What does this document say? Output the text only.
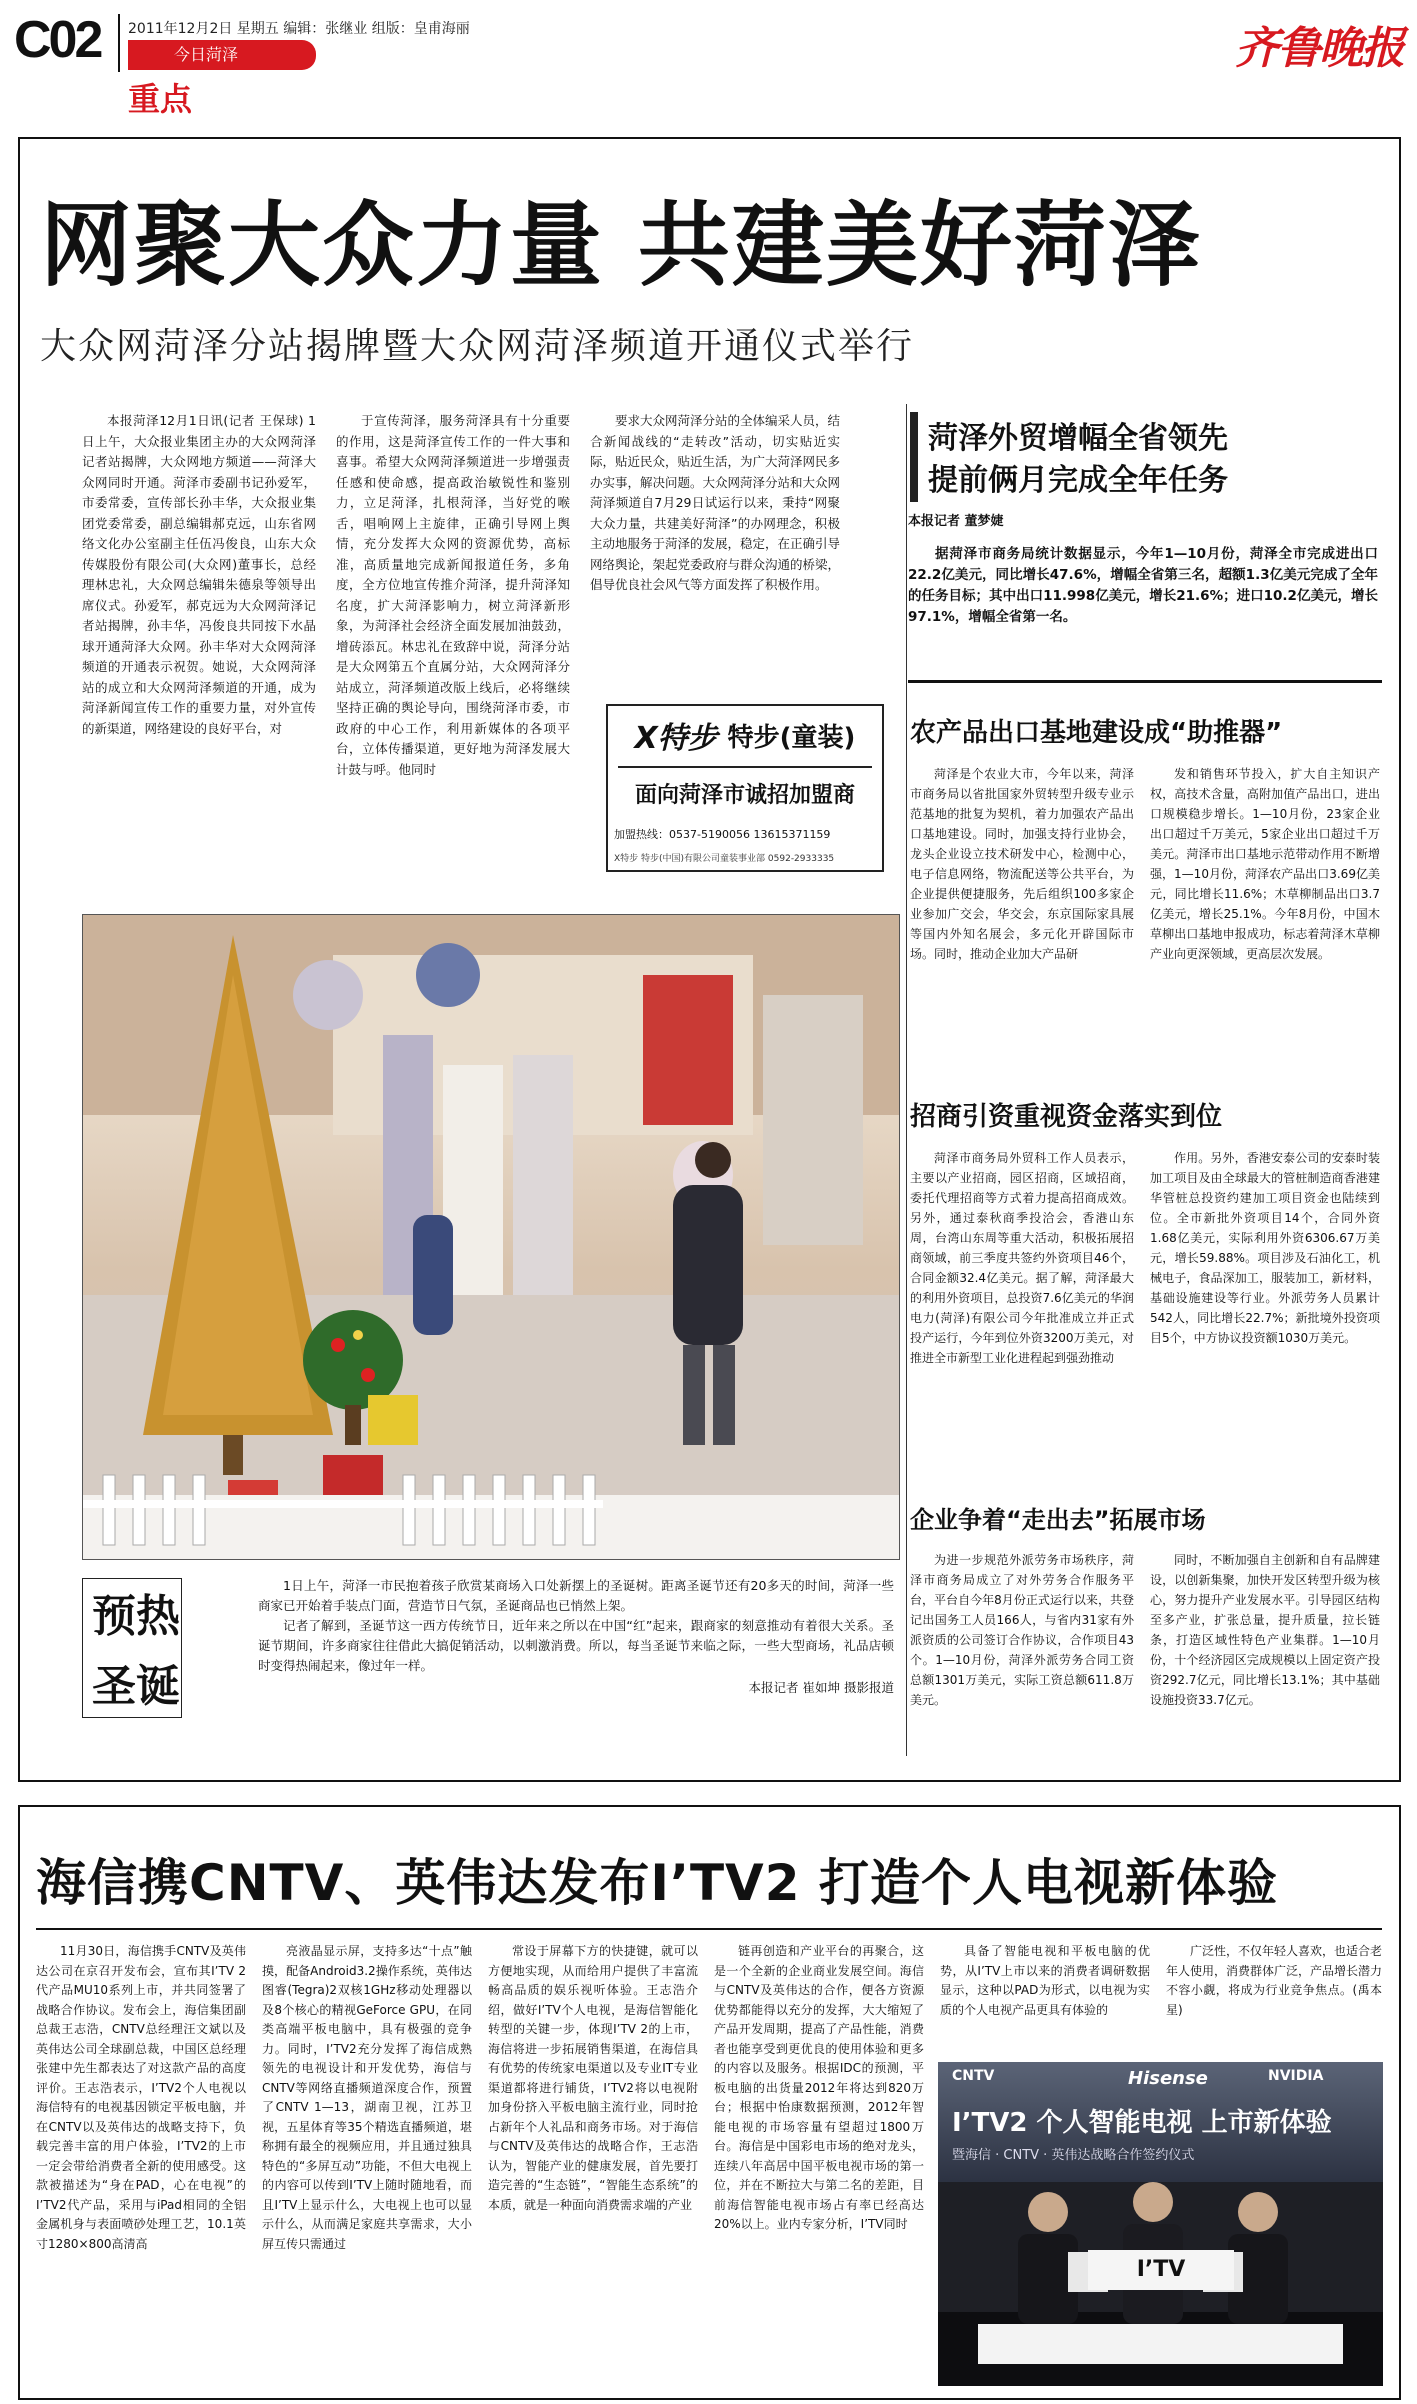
C02 2011年12月2日 星期五 编辑：张继业 组版：皇甫海丽
今日菏泽
重点
齐鲁晚报
网聚大众力量 共建美好菏泽
大众网菏泽分站揭牌暨大众网菏泽频道开通仪式举行

本报菏泽12月1日讯(记者 王保球) 1日上午，大众报业集团主办的大众网菏泽记者站揭牌，大众网地方频道——菏泽大众网同时开通。菏泽市委副书记孙爱军，市委常委，宣传部长孙丰华，大众报业集团党委常委，副总编辑郝克远，山东省网络文化办公室副主任伍冯俊良，山东大众传媒股份有限公司(大众网)董事长，总经理林忠礼，大众网总编辑朱德泉等领导出席仪式。孙爱军，郝克远为大众网菏泽记者站揭牌，孙丰华，冯俊良共同按下水晶球开通菏泽大众网。孙丰华对大众网菏泽频道的开通表示祝贺。她说，大众网菏泽站的成立和大众网菏泽频道的开通，成为菏泽新闻宣传工作的重要力量，对外宣传的新渠道，网络建设的良好平台，对

于宣传菏泽，服务菏泽具有十分重要的作用，这是菏泽宣传工作的一件大事和喜事。希望大众网菏泽频道进一步增强责任感和使命感，提高政治敏锐性和鉴别力，立足菏泽，扎根菏泽，当好党的喉舌，唱响网上主旋律，正确引导网上舆情，充分发挥大众网的资源优势，高标准，高质量地完成新闻报道任务，多角度，全方位地宣传推介菏泽，提升菏泽知名度，扩大菏泽影响力，树立菏泽新形象，为菏泽社会经济全面发展加油鼓劲，增砖添瓦。林忠礼在致辞中说，菏泽分站是大众网第五个直属分站，大众网菏泽分站成立，菏泽频道改版上线后，必将继续坚持正确的舆论导向，围绕菏泽市委，市政府的中心工作，利用新媒体的各项平台，立体传播渠道，更好地为菏泽发展大计鼓与呼。他同时

要求大众网菏泽分站的全体编采人员，结合新闻战线的“走转改”活动，切实贴近实际，贴近民众，贴近生活，为广大菏泽网民多办实事，解决问题。大众网菏泽分站和大众网菏泽频道自7月29日试运行以来，秉持“网聚大众力量，共建美好菏泽”的办网理念，积极主动地服务于菏泽的发展，稳定，在正确引导网络舆论，架起党委政府与群众沟通的桥梁，倡导优良社会风气等方面发挥了积极作用。

X特步 特步(童装)
面向菏泽市诚招加盟商
加盟热线：0537-5190056 13615371159
X特步 特步(中国)有限公司童装事业部 0592-2933335
预热
圣诞

1日上午，菏泽一市民抱着孩子欣赏某商场入口处新摆上的圣诞树。距离圣诞节还有20多天的时间，菏泽一些商家已开始着手装点门面，营造节日气氛，圣诞商品也已悄然上架。

记者了解到，圣诞节这一西方传统节日，近年来之所以在中国“红”起来，跟商家的刻意推动有着很大关系。圣诞节期间，许多商家往往借此大搞促销活动，以刺激消费。所以，每当圣诞节来临之际，一些大型商场，礼品店顿时变得热闹起来，像过年一样。

本报记者 崔如坤 摄影报道
菏泽外贸增幅全省领先
提前俩月完成全年任务
本报记者 董梦婕

据菏泽市商务局统计数据显示，今年1—10月份，菏泽全市完成进出口22.2亿美元，同比增长47.6%，增幅全省第三名，超额1.3亿美元完成了全年的任务目标；其中出口11.998亿美元，增长21.6%；进口10.2亿美元，增长97.1%，增幅全省第一名。

农产品出口基地建设成“助推器”

菏泽是个农业大市，今年以来，菏泽市商务局以省批国家外贸转型升级专业示范基地的批复为契机，着力加强农产品出口基地建设。同时，加强支持行业协会，龙头企业设立技术研发中心，检测中心，电子信息网络，物流配送等公共平台，为企业提供便捷服务，先后组织100多家企业参加广交会，华交会，东京国际家具展等国内外知名展会，多元化开辟国际市场。同时，推动企业加大产品研

发和销售环节投入，扩大自主知识产权，高技术含量，高附加值产品出口，进出口规模稳步增长。1—10月份，23家企业出口超过千万美元，5家企业出口超过千万美元。菏泽市出口基地示范带动作用不断增强，1—10月份，菏泽农产品出口3.69亿美元，同比增长11.6%；木草柳制品出口3.7亿美元，增长25.1%。今年8月份，中国木草柳出口基地申报成功，标志着菏泽木草柳产业向更深领域，更高层次发展。

招商引资重视资金落实到位

菏泽市商务局外贸科工作人员表示，主要以产业招商，园区招商，区域招商，委托代理招商等方式着力提高招商成效。另外，通过泰秋商季投洽会，香港山东周，台湾山东周等重大活动，积极拓展招商领域，前三季度共签约外资项目46个，合同金额32.4亿美元。据了解，菏泽最大的利用外资项目，总投资7.6亿美元的华润电力(菏泽)有限公司今年批准成立并正式投产运行，今年到位外资3200万美元，对推进全市新型工业化进程起到强劲推动

作用。另外，香港安泰公司的安泰时装加工项目及由全球最大的管桩制造商香港建华管桩总投资约建加工项目资金也陆续到位。全市新批外资项目14个，合同外资1.68亿美元，实际利用外资6306.67万美元，增长59.88%。项目涉及石油化工，机械电子，食品深加工，服装加工，新材料，基础设施建设等行业。外派劳务人员累计542人，同比增长22.7%；新批境外投资项目5个，中方协议投资额1030万美元。

企业争着“走出去”拓展市场

为进一步规范外派劳务市场秩序，菏泽市商务局成立了对外劳务合作服务平台，平台自今年8月份正式运行以来，共登记出国务工人员166人，与省内31家有外派资质的公司签订合作协议，合作项目43个。1—10月份，菏泽外派劳务合同工资总额1301万美元，实际工资总额611.8万美元。

同时，不断加强自主创新和自有品牌建设，以创新集聚，加快开发区转型升级为核心，努力提升产业发展水平。引导园区结构至多产业，扩张总量，提升质量，拉长链条，打造区域性特色产业集群。1—10月份，十个经济园区完成规模以上固定资产投资292.7亿元，同比增长13.1%；其中基础设施投资33.7亿元。

海信携CNTV、英伟达发布I’TV2 打造个人电视新体验

11月30日，海信携手CNTV及英伟达公司在京召开发布会，宣布其I’TV 2代产品MU10系列上市，并共同签署了战略合作协议。发布会上，海信集团副总裁王志浩，CNTV总经理汪文斌以及英伟达公司全球副总裁，中国区总经理张建中先生都表达了对这款产品的高度评价。王志浩表示，I’TV2个人电视以海信特有的电视基因锁定平板电脑，并在CNTV以及英伟达的战略支持下，负载完善丰富的用户体验，I’TV2的上市一定会带给消费者全新的使用感受。这款被描述为“身在PAD，心在电视”的I’TV2代产品，采用与iPad相同的全铝金属机身与表面喷砂处理工艺，10.1英寸1280×800高清高

亮液晶显示屏，支持多达“十点”触摸，配备Android3.2操作系统，英伟达图睿(Tegra)2双核1GHz移动处理器以及8个核心的精视GeForce GPU，在同类高端平板电脑中，具有极强的竞争力。同时，I’TV2充分发挥了海信成熟领先的电视设计和开发优势，海信与CNTV等网络直播频道深度合作，预置了CNTV 1—13，湖南卫视，江苏卫视，五星体育等35个精选直播频道，堪称拥有最全的视频应用，并且通过独具特色的“多屏互动”功能，不但大电视上的内容可以传到I’TV上随时随地看，而且I’TV上显示什么，大电视上也可以显示什么，从而满足家庭共享需求，大小屏互传只需通过

常设于屏幕下方的快捷键，就可以方便地实现，从而给用户提供了丰富流畅高品质的娱乐视听体验。王志浩介绍，做好I’TV个人电视，是海信智能化转型的关键一步，体现I’TV 2的上市，海信将进一步拓展销售渠道，在海信具有优势的传统家电渠道以及专业IT专业渠道都将进行铺货，I’TV2将以电视附加身份挤入平板电脑主流行业，同时抢占新年个人礼品和商务市场。对于海信与CNTV及英伟达的战略合作，王志浩认为，智能产业的健康发展，首先要打造完善的“生态链”，“智能生态系统”的本质，就是一种面向消费需求端的产业

链再创造和产业平台的再聚合，这是一个全新的企业商业发展空间。海信与CNTV及英伟达的合作，便各方资源优势都能得以充分的发挥，大大缩短了产品开发周期，提高了产品性能，消费者也能享受到更优良的使用体验和更多的内容以及服务。根据IDC的预测，平板电脑的出货量2012年将达到820万台；根据中怡康数据预测，2012年智能电视的市场容量有望超过1800万台。海信是中国彩电市场的绝对龙头，连续八年高居中国平板电视市场的第一位，并在不断拉大与第二名的差距，目前海信智能电视市场占有率已经高达20%以上。业内专家分析，I’TV同时

具备了智能电视和平板电脑的优势，从I’TV上市以来的消费者调研数据显示，这种以PAD为形式，以电视为实质的个人电视产品更具有体验的

广泛性，不仅年轻人喜欢，也适合老年人使用，消费群体广泛，产品增长潜力不容小觑，将成为行业竞争焦点。(禹本星)

CNTV	Hisense	NVIDIA
I’TV2 个人智能电视 上市新体验
暨海信 · CNTV · 英伟达战略合作签约仪式
I’TV
